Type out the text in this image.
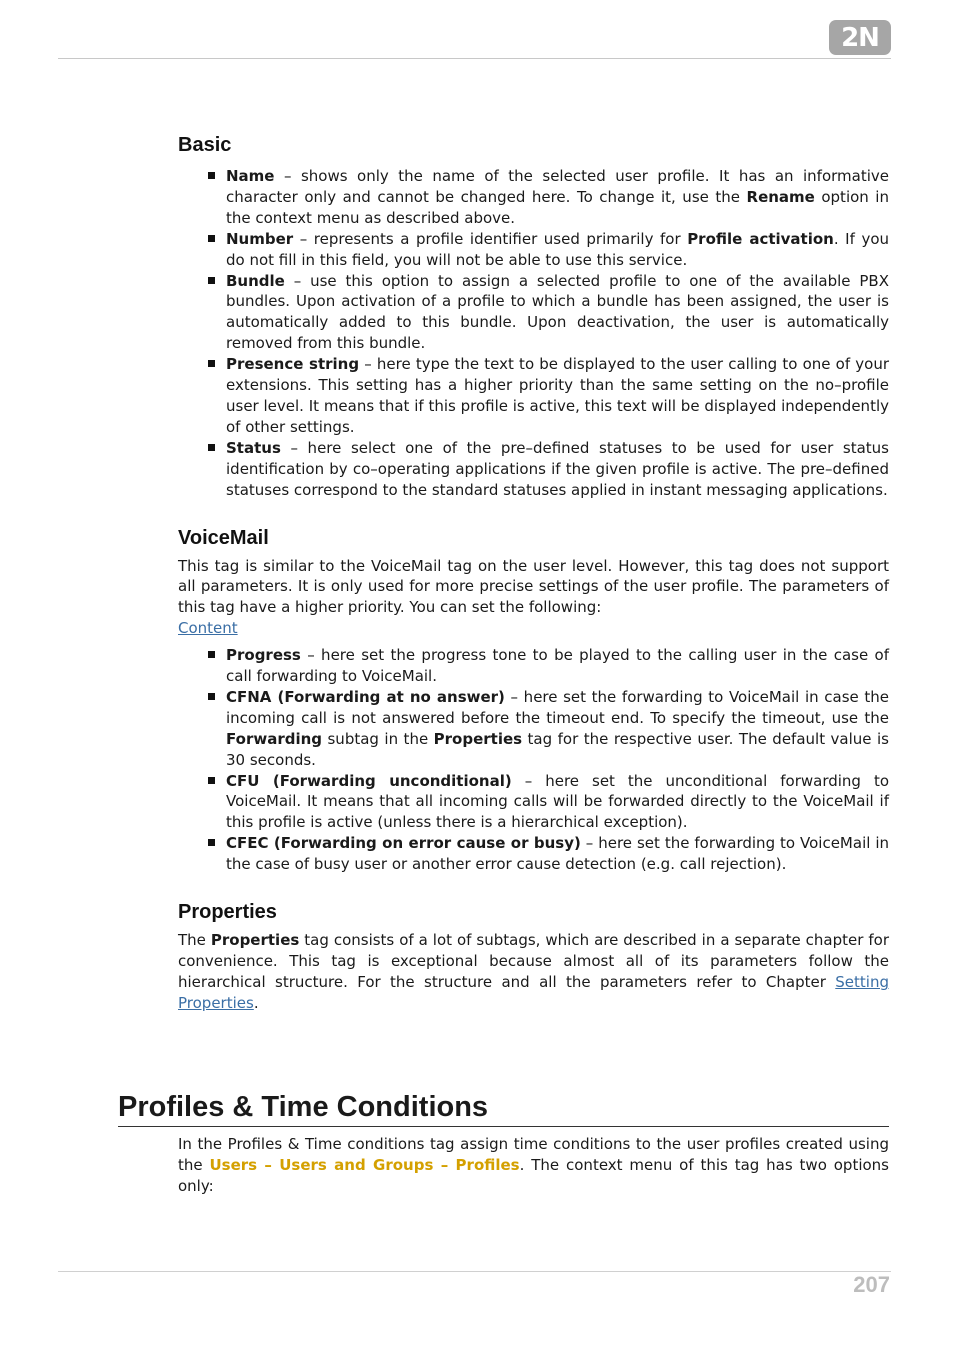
2N
Basic
Name – shows only the name of the selected user profile. It has an informative character only and cannot be changed here. To change it, use the Rename option in the context menu as described above.
Number – represents a profile identifier used primarily for Profile activation. If you do not fill in this field, you will not be able to use this service.
Bundle – use this option to assign a selected profile to one of the available PBX bundles. Upon activation of a profile to which a bundle has been assigned, the user is automatically added to this bundle. Upon deactivation, the user is automatically removed from this bundle.
Presence string – here type the text to be displayed to the user calling to one of your extensions. This setting has a higher priority than the same setting on the no–profile user level. It means that if this profile is active, this text will be displayed independently of other settings.
Status – here select one of the pre–defined statuses to be used for user status identification by co–operating applications if the given profile is active. The pre–defined statuses correspond to the standard statuses applied in instant messaging applications.
VoiceMail

This tag is similar to the VoiceMail tag on the user level. However, this tag does not support all parameters. It is only used for more precise settings of the user profile. The parameters of this tag have a higher priority. You can set the following:

Content

Progress – here set the progress tone to be played to the calling user in the case of call forwarding to VoiceMail.
CFNA (Forwarding at no answer) – here set the forwarding to VoiceMail in case the incoming call is not answered before the timeout end. To specify the timeout, use the Forwarding subtag in the Properties tag for the respective user. The default value is 30 seconds.
CFU (Forwarding unconditional) – here set the unconditional forwarding to VoiceMail. It means that all incoming calls will be forwarded directly to the VoiceMail if this profile is active (unless there is a hierarchical exception).
CFEC (Forwarding on error cause or busy) – here set the forwarding to VoiceMail in the case of busy user or another error cause detection (e.g. call rejection).
Properties

The Properties tag consists of a lot of subtags, which are described in a separate chapter for convenience. This tag is exceptional because almost all of its parameters follow the hierarchical structure. For the structure and all the parameters refer to Chapter Setting Properties.

Profiles & Time Conditions

In the Profiles & Time conditions tag assign time conditions to the user profiles created using the Users – Users and Groups – Profiles. The context menu of this tag has two options only:

207
